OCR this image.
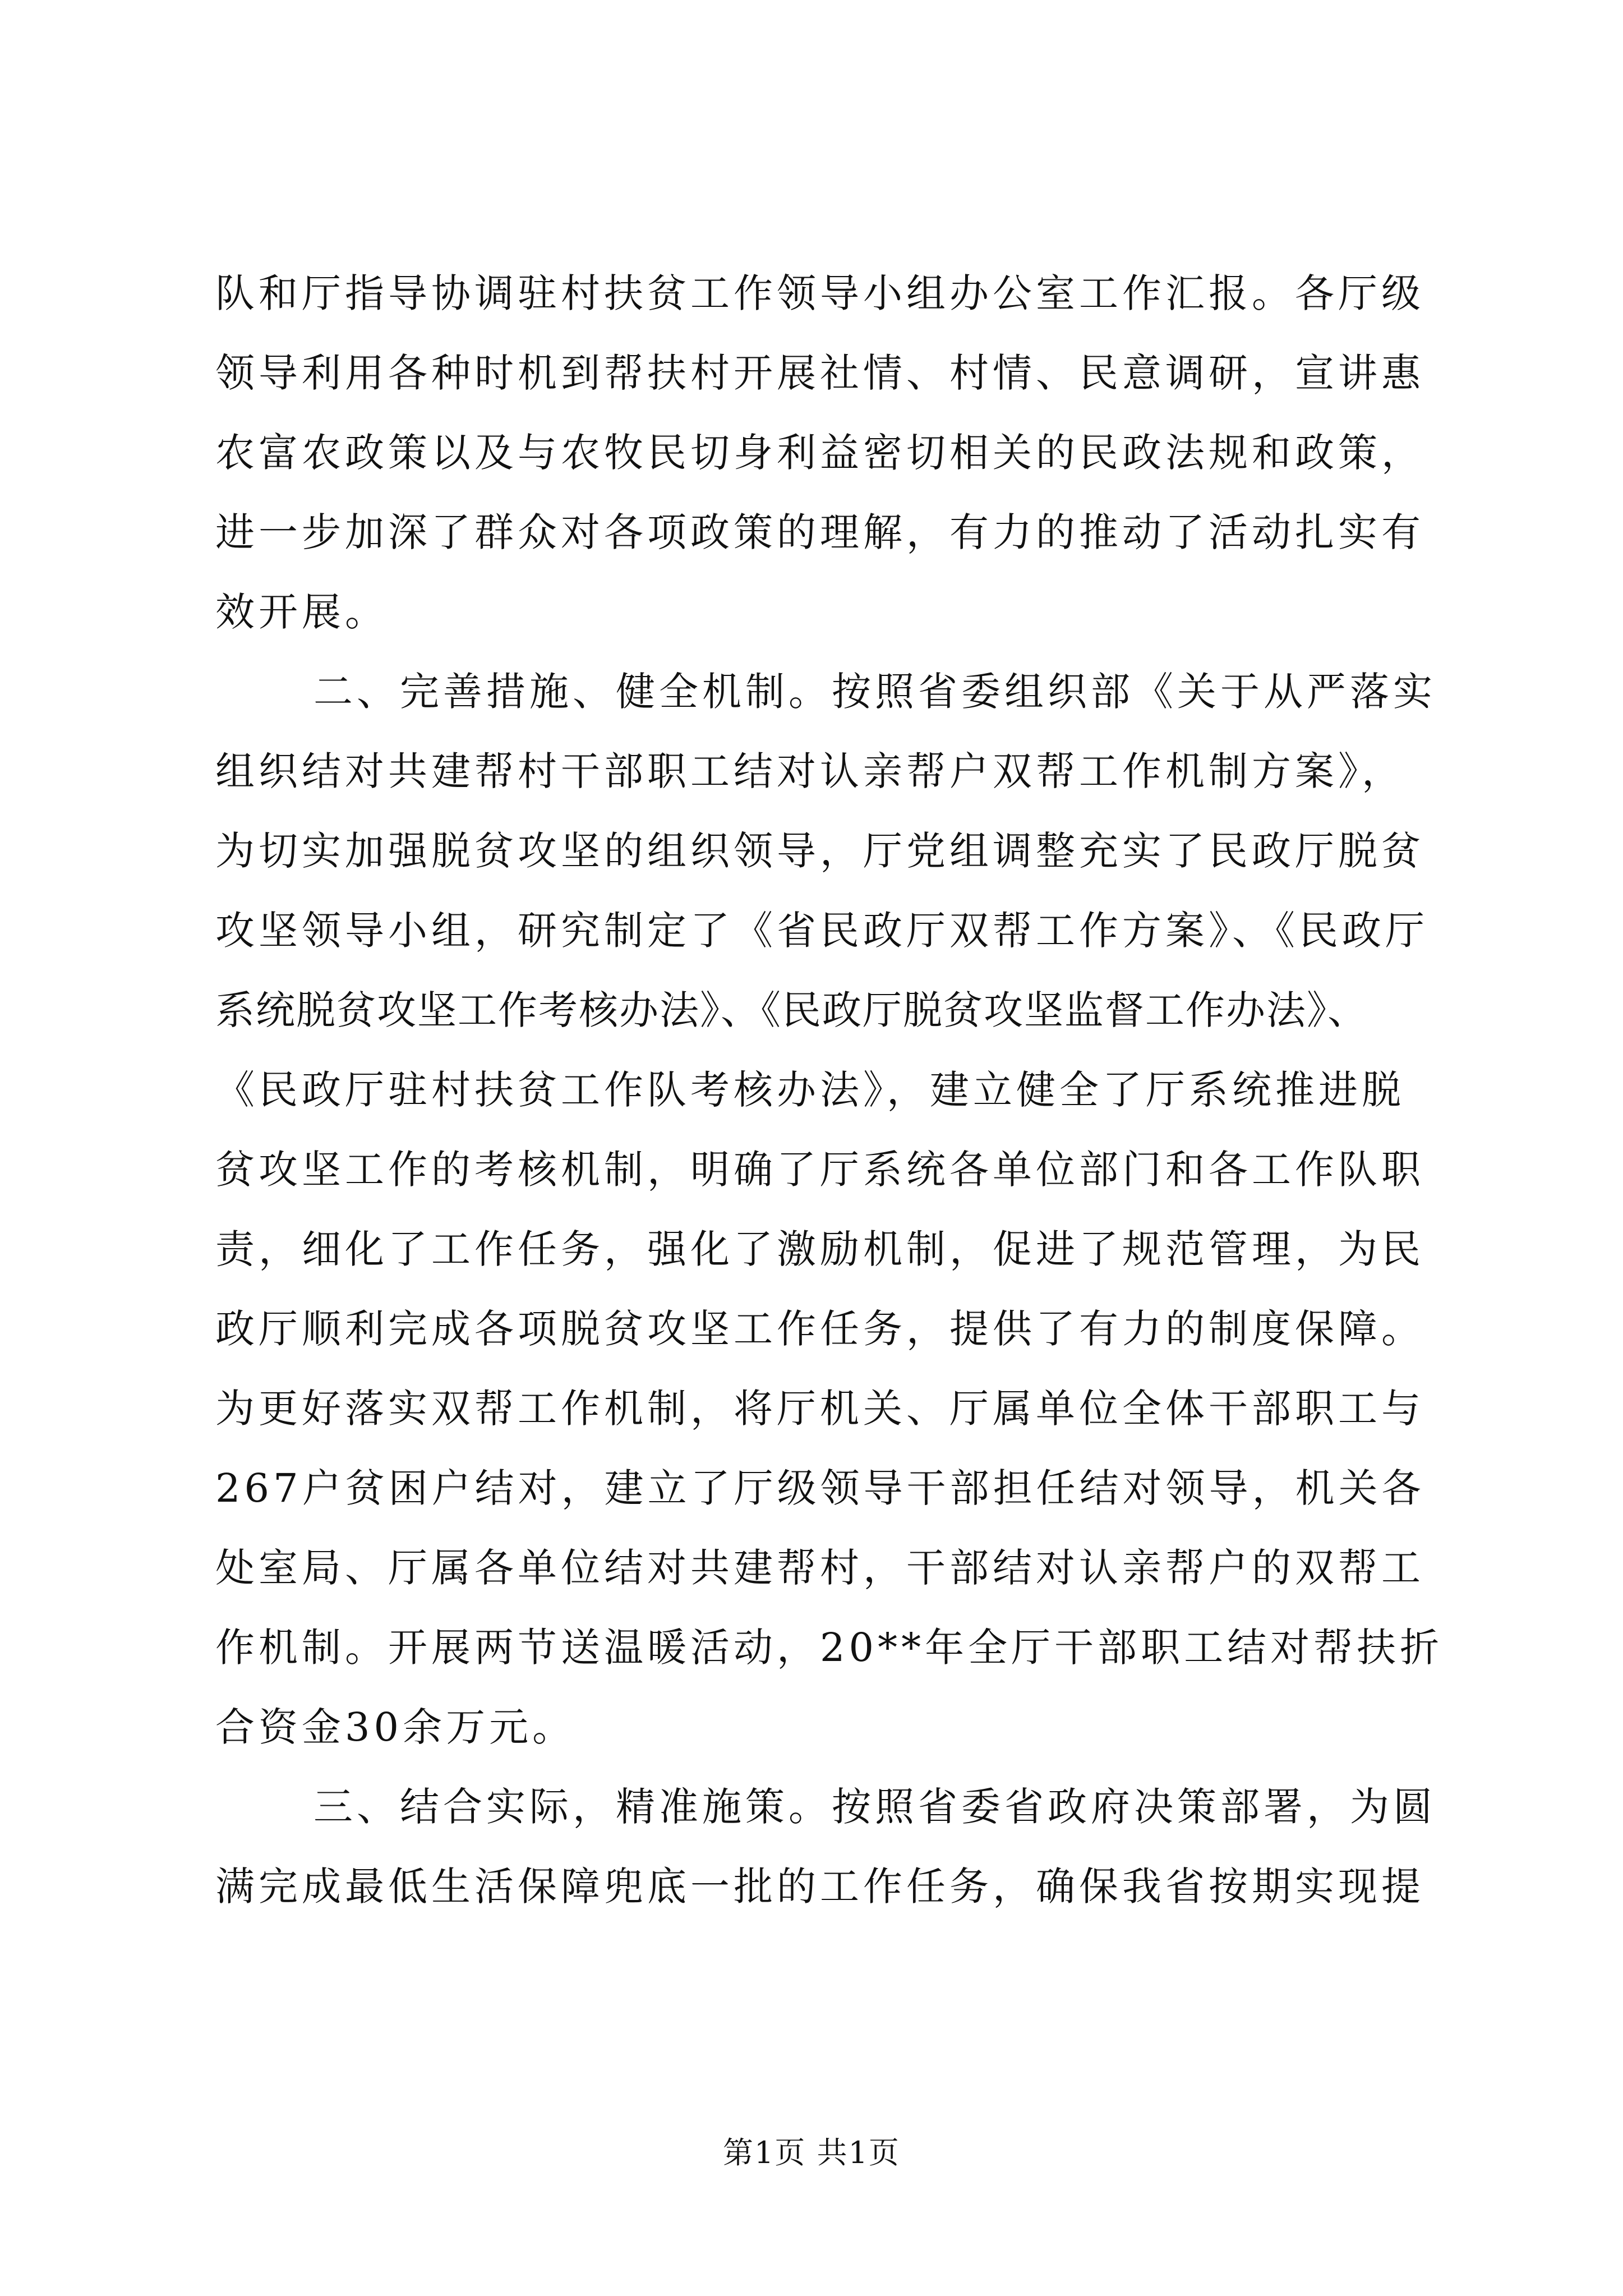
队和厅指导协调驻村扶贫工作领导小组办公室工作汇报。各厅级
领导利用各种时机到帮扶村开展社情、村情、民意调研，宣讲惠
农富农政策以及与农牧民切身利益密切相关的民政法规和政策，
进一步加深了群众对各项政策的理解，有力的推动了活动扎实有
效开展。
二、完善措施、健全机制。按照省委组织部《关于从严落实
组织结对共建帮村干部职工结对认亲帮户双帮工作机制方案》，
为切实加强脱贫攻坚的组织领导，厅党组调整充实了民政厅脱贫
攻坚领导小组，研究制定了《省民政厅双帮工作方案》、《民政厅
系统脱贫攻坚工作考核办法》、《民政厅脱贫攻坚监督工作办法》、
《民政厅驻村扶贫工作队考核办法》，建立健全了厅系统推进脱
贫攻坚工作的考核机制，明确了厅系统各单位部门和各工作队职
责，细化了工作任务，强化了激励机制，促进了规范管理，为民
政厅顺利完成各项脱贫攻坚工作任务，提供了有力的制度保障。
为更好落实双帮工作机制，将厅机关、厅属单位全体干部职工与
267户贫困户结对，建立了厅级领导干部担任结对领导，机关各
处室局、厅属各单位结对共建帮村，干部结对认亲帮户的双帮工
作机制。开展两节送温暖活动，20**年全厅干部职工结对帮扶折
合资金30余万元。
三、结合实际，精准施策。按照省委省政府决策部署，为圆
满完成最低生活保障兜底一批的工作任务，确保我省按期实现提
第1页 共1页
